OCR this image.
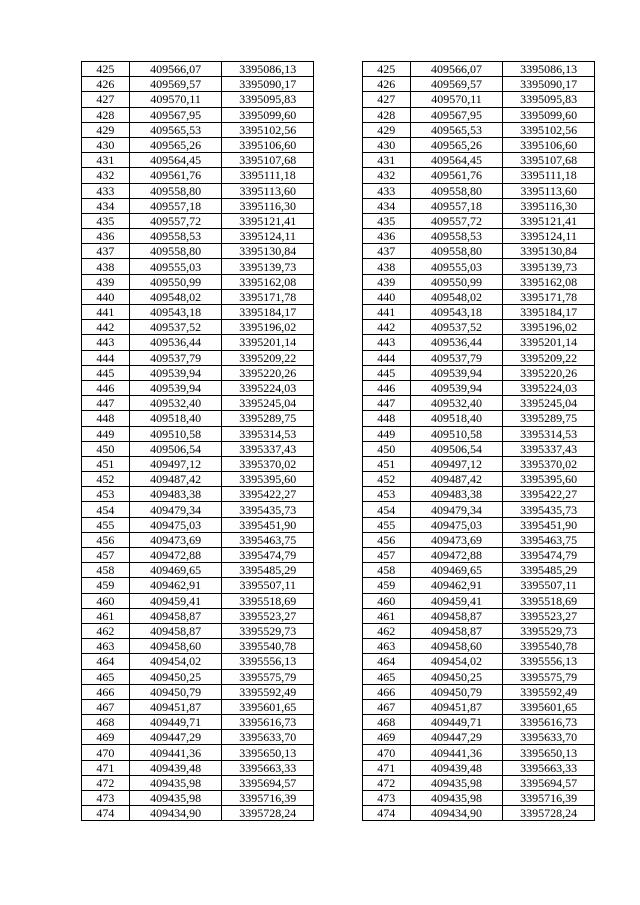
425	409566,07	3395086,13		425	409566,07	3395086,13
426	409569,57	3395090,17		426	409569,57	3395090,17
427	409570,11	3395095,83		427	409570,11	3395095,83
428	409567,95	3395099,60		428	409567,95	3395099,60
429	409565,53	3395102,56		429	409565,53	3395102,56
430	409565,26	3395106,60		430	409565,26	3395106,60
431	409564,45	3395107,68		431	409564,45	3395107,68
432	409561,76	3395111,18		432	409561,76	3395111,18
433	409558,80	3395113,60		433	409558,80	3395113,60
434	409557,18	3395116,30		434	409557,18	3395116,30
435	409557,72	3395121,41		435	409557,72	3395121,41
436	409558,53	3395124,11		436	409558,53	3395124,11
437	409558,80	3395130,84		437	409558,80	3395130,84
438	409555,03	3395139,73		438	409555,03	3395139,73
439	409550,99	3395162,08		439	409550,99	3395162,08
440	409548,02	3395171,78		440	409548,02	3395171,78
441	409543,18	3395184,17		441	409543,18	3395184,17
442	409537,52	3395196,02		442	409537,52	3395196,02
443	409536,44	3395201,14		443	409536,44	3395201,14
444	409537,79	3395209,22		444	409537,79	3395209,22
445	409539,94	3395220,26		445	409539,94	3395220,26
446	409539,94	3395224,03		446	409539,94	3395224,03
447	409532,40	3395245,04		447	409532,40	3395245,04
448	409518,40	3395289,75		448	409518,40	3395289,75
449	409510,58	3395314,53		449	409510,58	3395314,53
450	409506,54	3395337,43		450	409506,54	3395337,43
451	409497,12	3395370,02		451	409497,12	3395370,02
452	409487,42	3395395,60		452	409487,42	3395395,60
453	409483,38	3395422,27		453	409483,38	3395422,27
454	409479,34	3395435,73		454	409479,34	3395435,73
455	409475,03	3395451,90		455	409475,03	3395451,90
456	409473,69	3395463,75		456	409473,69	3395463,75
457	409472,88	3395474,79		457	409472,88	3395474,79
458	409469,65	3395485,29		458	409469,65	3395485,29
459	409462,91	3395507,11		459	409462,91	3395507,11
460	409459,41	3395518,69		460	409459,41	3395518,69
461	409458,87	3395523,27		461	409458,87	3395523,27
462	409458,87	3395529,73		462	409458,87	3395529,73
463	409458,60	3395540,78		463	409458,60	3395540,78
464	409454,02	3395556,13		464	409454,02	3395556,13
465	409450,25	3395575,79		465	409450,25	3395575,79
466	409450,79	3395592,49		466	409450,79	3395592,49
467	409451,87	3395601,65		467	409451,87	3395601,65
468	409449,71	3395616,73		468	409449,71	3395616,73
469	409447,29	3395633,70		469	409447,29	3395633,70
470	409441,36	3395650,13		470	409441,36	3395650,13
471	409439,48	3395663,33		471	409439,48	3395663,33
472	409435,98	3395694,57		472	409435,98	3395694,57
473	409435,98	3395716,39		473	409435,98	3395716,39
474	409434,90	3395728,24		474	409434,90	3395728,24
